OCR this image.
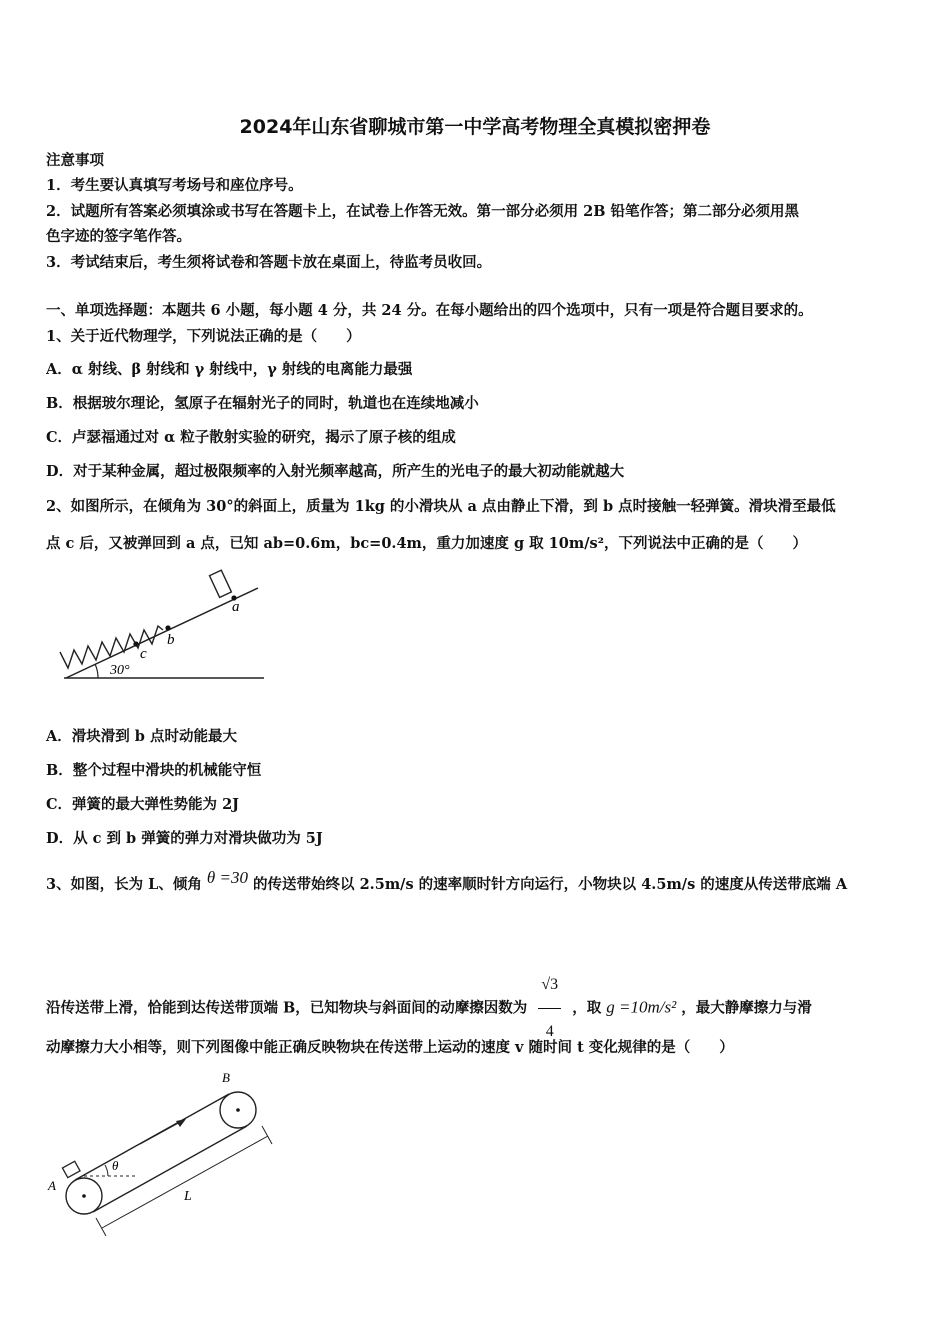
2024年山东省聊城市第一中学高考物理全真模拟密押卷
注意事项
1．考生要认真填写考场号和座位序号。
2．试题所有答案必须填涂或书写在答题卡上，在试卷上作答无效。第一部分必须用 2B 铅笔作答；第二部分必须用黑
色字迹的签字笔作答。
3．考试结束后，考生须将试卷和答题卡放在桌面上，待监考员收回。
一、单项选择题：本题共 6 小题，每小题 4 分，共 24 分。在每小题给出的四个选项中，只有一项是符合题目要求的。
1、关于近代物理学，下列说法正确的是（　　）
A．α 射线、β 射线和 γ 射线中，γ 射线的电离能力最强
B．根据玻尔理论，氢原子在辐射光子的同时，轨道也在连续地减小
C．卢瑟福通过对 α 粒子散射实验的研究，揭示了原子核的组成
D．对于某种金属，超过极限频率的入射光频率越高，所产生的光电子的最大初动能就越大
2、如图所示，在倾角为 30°的斜面上，质量为 1kg 的小滑块从 a 点由静止下滑，到 b 点时接触一轻弹簧。滑块滑至最低
点 c 后，又被弹回到 a 点，已知 ab=0.6m，bc=0.4m，重力加速度 g 取 10m/s²，下列说法中正确的是（　　）
30°
a
b
c
A．滑块滑到 b 点时动能最大
B．整个过程中滑块的机械能守恒
C．弹簧的最大弹性势能为 2J
D．从 c 到 b 弹簧的弹力对滑块做功为 5J
3、如图，长为 L、倾角 θ =30 的传送带始终以 2.5m/s 的速率顺时针方向运行，小物块以 4.5m/s 的速度从传送带底端 A
沿传送带上滑，恰能到达传送带顶端 B，已知物块与斜面间的动摩擦因数为 $\frac{√3}{4}$ ，取 g =10m/s² ，最大静摩擦力与滑
动摩擦力大小相等，则下列图像中能正确反映物块在传送带上运动的速度 v 随时间 t 变化规律的是（　　）
θ
L
A
B
